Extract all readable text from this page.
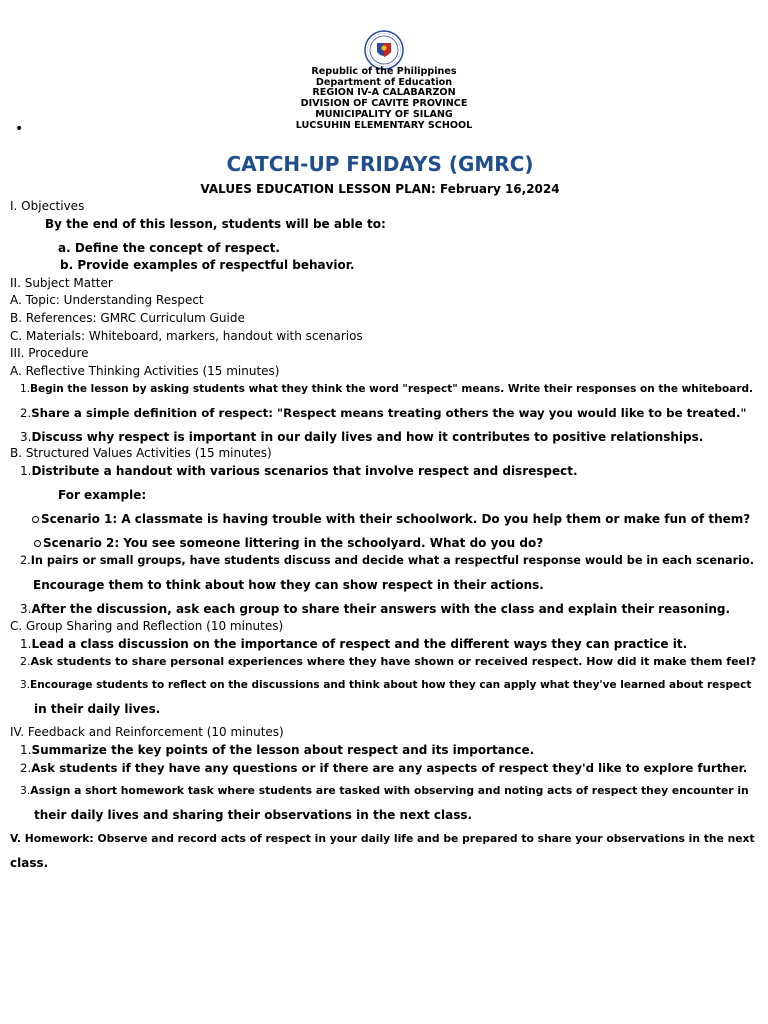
Republic of the Philippines
Department of Education
REGION IV-A CALABARZON
DIVISION OF CAVITE PROVINCE
MUNICIPALITY OF SILANG
LUCSUHIN ELEMENTARY SCHOOL
•
CATCH-UP FRIDAYS (GMRC)
VALUES EDUCATION LESSON PLAN: February 16,2024
I. Objectives
By the end of this lesson, students will be able to:
a. Define the concept of respect.
b. Provide examples of respectful behavior.
II. Subject Matter
A. Topic: Understanding Respect
B. References: GMRC Curriculum Guide
C. Materials: Whiteboard, markers, handout with scenarios
III. Procedure
A. Reflective Thinking Activities (15 minutes)
1.Begin the lesson by asking students what they think the word "respect" means. Write their responses on the whiteboard.
2.Share a simple definition of respect: "Respect means treating others the way you would like to be treated."
3.Discuss why respect is important in our daily lives and how it contributes to positive relationships.
B. Structured Values Activities (15 minutes)
1.Distribute a handout with various scenarios that involve respect and disrespect.
For example:
Scenario 1: A classmate is having trouble with their schoolwork. Do you help them or make fun of them?
Scenario 2: You see someone littering in the schoolyard. What do you do?
2.In pairs or small groups, have students discuss and decide what a respectful response would be in each scenario.
Encourage them to think about how they can show respect in their actions.
3.After the discussion, ask each group to share their answers with the class and explain their reasoning.
C. Group Sharing and Reflection (10 minutes)
1.Lead a class discussion on the importance of respect and the different ways they can practice it.
2.Ask students to share personal experiences where they have shown or received respect. How did it make them feel?
3.Encourage students to reflect on the discussions and think about how they can apply what they've learned about respect
in their daily lives.
IV. Feedback and Reinforcement (10 minutes)
1.Summarize the key points of the lesson about respect and its importance.
2.Ask students if they have any questions or if there are any aspects of respect they'd like to explore further.
3.Assign a short homework task where students are tasked with observing and noting acts of respect they encounter in
their daily lives and sharing their observations in the next class.
V. Homework: Observe and record acts of respect in your daily life and be prepared to share your observations in the next
class.
